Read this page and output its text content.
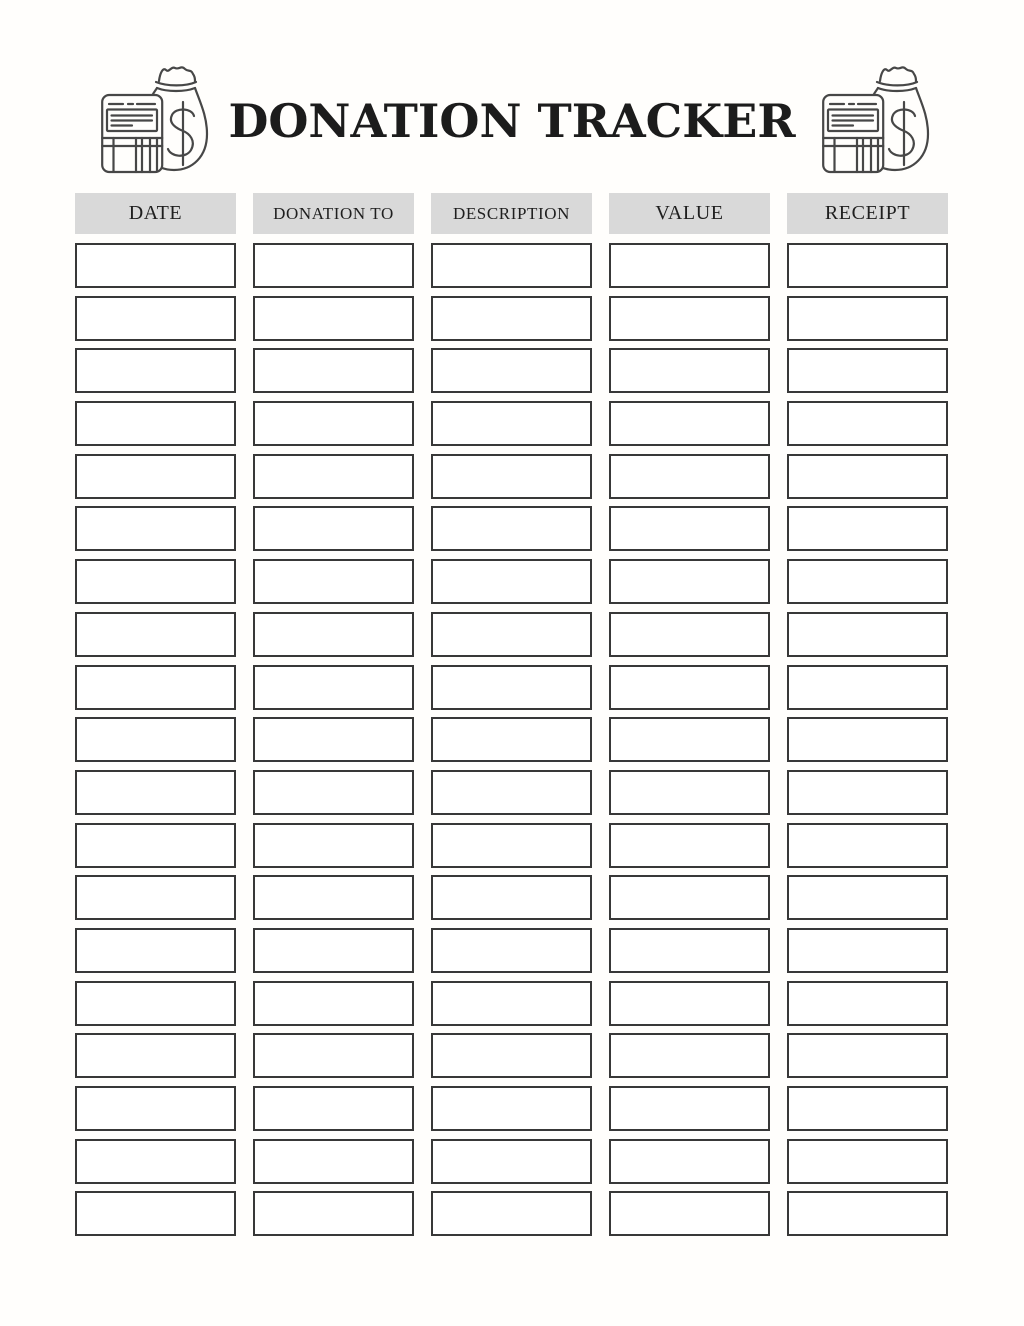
DONATION TRACKER
DATE	DONATION TO	DESCRIPTION	VALUE	RECEIPT
